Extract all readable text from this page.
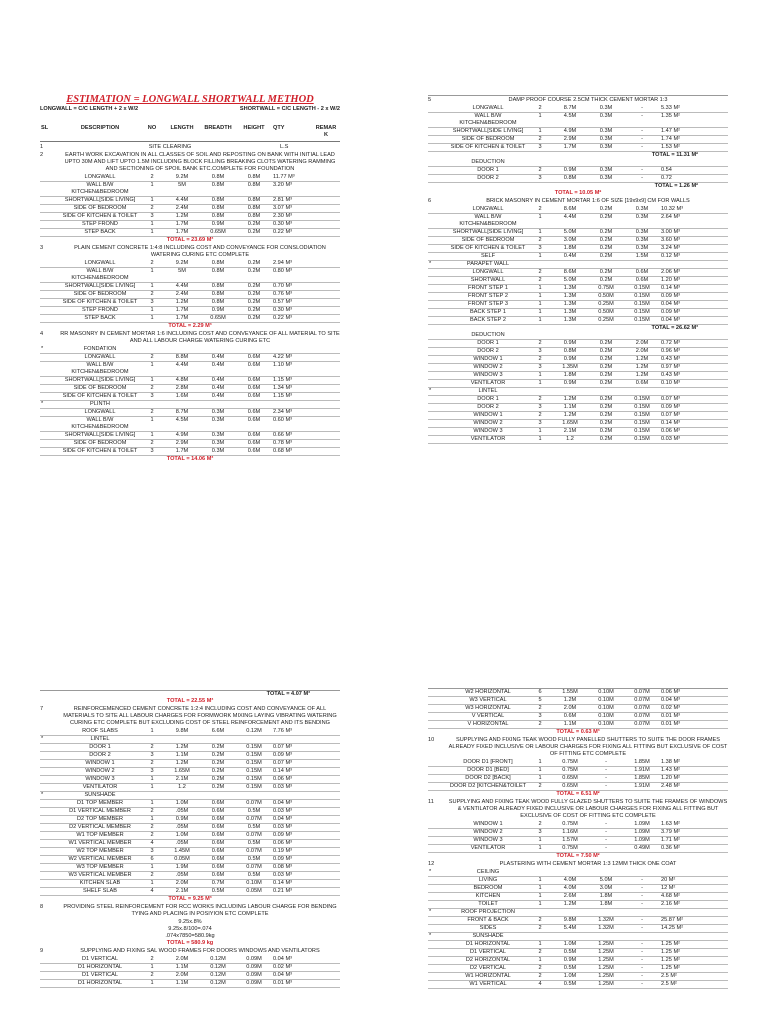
ESTIMATION = LONGWALL SHORTWALL METHOD
LONGWALL = C/C LENGTH + 2 x W/2	SHORTWALL = C/C LENGTH - 2 x W/2
SL	DESCRIPTION	NO	LENGTH	BREADTH	HEIGHT	QTY	REMAR K
1	SITE CLEARING	L.S
2	EARTH WORK EXCAVATION IN ALL CLASSES OF SOIL AND REPOSTING ON BANK WITH INITIAL LEAD UPTO 30M AND LIFT UPTO 1.5M INCLUDING BLOCK FILLING BREAKING CLOTS WATERING RAMMING AND SECTIONING OF SPOIL BANK ETC.COMPLETE FOR FOUNDATION
LONGWALL	2	9.2M	0.8M	0.8M	11.77 M³
WALL B/W KITCHEN&BEDROOM
1	5M	0.8M	0.8M	3.20 M³
SHORTWALL[SIDE LIVING]	1	4.4M	0.8M	0.8M	2.81 M³
SIDE OF BEDROOM	2	2.4M	0.8M	0.8M	3.07 M³
SIDE OF KITCHEN & TOILET	3	1.2M	0.8M	0.8M	2.30 M³
STEP FROND	1	1.7M	0.9M	0.2M	0.30 M³
STEP BACK	1	1.7M	0.65M	0.2M	0.22 M³
TOTAL = 23.69 M³
3	PLAIN CEMENT CONCRETE 1:4:8 INCLUDING COST AND CONVEYANCE FOR CONSLODIATION WATERING CURING ETC COMPLETE
LONGWALL	2	9.2M	0.8M	0.2M	2.94 M³
WALL B/W KITCHEN&BEDROOM
1	5M	0.8M	0.2M	0.80 M³
SHORTWALL[SIDE LIVING]	1	4.4M	0.8M	0.2M	0.70 M³
SIDE OF BEDROOM	2	2.4M	0.8M	0.2M	0.76 M³
SIDE OF KITCHEN & TOILET	3	1.2M	0.8M	0.2M	0.57 M³
STEP FROND	1	1.7M	0.9M	0.2M	0.30 M³
STEP BACK	1	1.7M	0.65M	0.2M	0.22 M³
TOTAL = 2.29 M³
4	RR MASONRY IN CEMENT MORTAR 1:6 INCLUDING COST AND CONVEYANCE OF ALL MATERIAL TO SITE AND ALL LABOUR CHARGE WATERING CURING ETC
*	FONDATION
LONGWALL	2	8.8M	0.4M	0.6M	4.22 M³
WALL B/W KITCHEN&BEDROOM
1	4.4M	0.4M	0.6M	1.10 M³
SHORTWALL[SIDE LIVING]	1	4.8M	0.4M	0.6M	1.15 M³
SIDE OF BEDROOM	2	2.8M	0.4M	0.6M	1.34 M³
SIDE OF KITCHEN & TOILET	3	1.6M	0.4M	0.6M	1.15 M³
*	PLINTH
LONGWALL	2	8.7M	0.3M	0.6M	2.34 M³
WALL B/W KITCHEN&BEDROOM
1	4.5M	0.3M	0.6M	0.60 M³
SHORTWALL[SIDE LIVING]	1	4.9M	0.3M	0.6M	0.66 M³
SIDE OF BEDROOM	2	2.9M	0.3M	0.6M	0.78 M³
SIDE OF KITCHEN & TOILET	3	1.7M	0.3M	0.6M	0.68 M³
TOTAL = 14.06 M³
5	DAMP PROOF COURSE 2.5CM THICK CEMENT MORTAR 1:3
LONGWALL	2	8.7M	0.3M	-	5.33 M²
WALL B/W KITCHEN&BEDROOM
1	4.5M	0.3M	-	1.35 M²
SHORTWALL[SIDE LIVING]	1	4.9M	0.3M	-	1.47 M²
SIDE OF BEDROOM	2	2.9M	0.3M	-	1.74 M²
SIDE OF KITCHEN & TOILET	3	1.7M	0.3M	-	1.53 M²
TOTAL = 11.31 M²
DEDUCTION
DOOR 1	2	0.9M	0.3M	-	0.54
DOOR 2	3	0.8M	0.3M	-	0.72
TOTAL = 1.26 M²
TOTAL = 10.05 M²
6	BRICK MASONRY IN CEMENT MORTAR 1:6 OF SIZE [19x9x9] CM FOR WALLS
LONGWALL	2	8.6M	0.2M	0.3M	10.32 M³
WALL B/W KITCHEN&BEDROOM
1	4.4M	0.2M	0.3M	2.64 M³
SHORTWALL[SIDE LIVING]	1	5.0M	0.2M	0.3M	3.00 M³
SIDE OF BEDROOM	2	3.0M	0.2M	0.3M	3.60 M³
SIDE OF KITCHEN & TOILET	3	1.8M	0.2M	0.3M	3.24 M³
SELF	1	0.4M	0.2M	1.5M	0.12 M³
*	PARAPET WALL
LONGWALL	2	8.6M	0.2M	0.6M	2.06 M³
SHORTWALL	2	5.0M	0.2M	0.6M	1.20 M³
FRONT STEP 1	1	1.3M	0.75M	0.15M	0.14 M³
FRONT STEP 2	1	1.3M	0.50M	0.15M	0.09 M³
FRONT STEP 3	1	1.3M	0.25M	0.15M	0.04 M³
BACK STEP 1	1	1.3M	0.50M	0.15M	0.09 M³
BACK STEP 2	1	1.3M	0.25M	0.15M	0.04 M³
TOTAL = 26.62 M³
DEDUCTION
DOOR 1	2	0.9M	0.2M	2.0M	0.72 M³
DOOR 2	3	0.8M	0.2M	2.0M	0.96 M³
WINDOW 1	2	0.9M	0.2M	1.2M	0.43 M³
WINDOW 2	3	1.35M	0.2M	1.2M	0.97 M³
WINDOW 3	1	1.8M	0.2M	1.2M	0.43 M³
VENTILATOR	1	0.9M	0.2M	0.6M	0.10 M³
*	LINTEL
DOOR 1	2	1.2M	0.2M	0.15M	0.07 M³
DOOR 2	3	1.1M	0.2M	0.15M	0.09 M³
WINDOW 1	2	1.2M	0.2M	0.15M	0.07 M³
WINDOW 2	3	1.65M	0.2M	0.15M	0.14 M³
WINDOW 3	1	2.1M	0.2M	0.15M	0.06 M³
VENTILATOR	1	1.2	0.2M	0.15M	0.03 M³
TOTAL = 4.07 M³
TOTAL = 22.55 M³
7	REINFORCEMENCED CEMENT CONCRETE 1:2:4 INCLUDING COST AND CONVEYANCE OF ALL MATERIALS TO SITE ALL LABOUR CHARGES FOR FORMWORK MIXING LAYING VIBRATING WATERING CURING ETC COMPLETE BUT EXCLUDING COST OF STEEL REINFORCEMENT AND ITS BENDING
ROOF SLABS	1	9.8M	6.6M	0.12M	7.76 M³
*	LINTEL
DOOR 1	2	1.2M	0.2M	0.15M	0.07 M³
DOOR 2	3	1.1M	0.2M	0.15M	0.09 M³
WINDOW 1	2	1.2M	0.2M	0.15M	0.07 M³
WINDOW 2	3	1.65M	0.2M	0.15M	0.14 M³
WINDOW 3	1	2.1M	0.2M	0.15M	0.06 M³
VENTILATOR	1	1.2	0.2M	0.15M	0.03 M³
*	SUNSHADE
D1 TOP MEMBER	1	1.0M	0.6M	0.07M	0.04 M³
D1 VERTICAL MEMBER	2	.05M	0.6M	0.5M	0.03 M³
D2 TOP MEMBER	1	0.9M	0.6M	0.07M	0.04 M³
D2 VERTICAL MEMBER	2	.05M	0.6M	0.5M	0.03 M³
W1 TOP MEMBER	2	1.0M	0.6M	0.07M	0.09 M³
W1 VERTICAL MEMBER	4	.05M	0.6M	0.5M	0.06 M³
W2 TOP MEMBER	3	1.45M	0.6M	0.07M	0.19 M³
W2 VERTICAL MEMBER	6	0.05M	0.6M	0.5M	0.09 M³
W3 TOP MEMBER	1	1.9M	0.6M	0.07M	0.08 M³
W3 VERTICAL MEMBER	2	.05M	0.6M	0.5M	0.03 M³
KITCHEN SLAB	1	2.0M	0.7M	0.10M	0.14 M³
SHELF SLAB	4	2.1M	0.5M	0.05M	0.21 M³
TOTAL = 9.25 M³
8	PROVIDING STEEL REINFORCEMENT FOR RCC WORKS INCLUDING LABOUR CHARGE FOR BENDING TYING AND PLACING IN POSIYION ETC COMPLETE
9.25x.8%
9.25x.8/100=.074
.074x7850=580.9kg
TOTAL = 580.9 kg
9	SUPPLYING AND FIXING SAL WOOD FRAMES FOR DOORS WINDOWS AND VENTILATORS
D1 VERTICAL	2	2.0M	0.12M	0.09M	0.04 M³
D1 HORIZONTAL	1	1.1M	0.12M	0.09M	0.02 M³
D1 VERTICAL	2	2.0M	0.12M	0.09M	0.04 M³
D1 HORIZONTAL	1	1.1M	0.12M	0.09M	0.01 M³
W2 HORIZONTAL	6	1.55M	0.10M	0.07M	0.06 M³
W3 VERTICAL	5	1.2M	0.10M	0.07M	0.04 M³
W3 HORIZONTAL	2	2.0M	0.10M	0.07M	0.02 M³
V VERTICAL	3	0.6M	0.10M	0.07M	0.01 M³
V HORIZONTAL	2	1.1M	0.10M	0.07M	0.01 M³
TOTAL = 0.63 M³
10	SUPPLYING AND FIXING TEAK WOOD FULLY PANELLED SHUTTERS TO SUITE THE DOOR FRAMES ALREADY FIXED INCLUSIVE OR LABOUR CHARGES FOR FIXING ALL FITTING BUT EXCLUSIVE OF COST OF FITTING ETC COMPLETE
DOOR D1 [FRONT]	1	0.75M	-	1.85M	1.38 M²
DOOR D1 [BED]	1	0.75M	-	1.91M	1.43 M²
DOOR D2 [BACK]	1	0.65M	-	1.85M	1.20 M²
DOOR D2 [KITCHEN&TOILET	2	0.65M	-	1.91M	2.48 M²
TOTAL = 6.51 M²
11	SUPPLYING AND FIXING TEAK WOOD FULLY GLAZED SHUTTERS TO SUITE THE FRAMES OF WINDOWS & VENTILATOR ALREADY FIXED INCLUSIVE OR LABOUR CHARGES FOR FIXING ALL FITTING BUT EXCLUSIVE OF COST OF FITTING ETC COMPLETE
WINDOW 1	2	0.75M	-	1.09M	1.63 M²
WINDOW 2	3	1.16M	-	1.09M	3.79 M²
WINDOW 3	1	1.57M	-	1.09M	1.71 M²
VENTILATOR	1	0.75M	-	0.49M	0.36 M²
TOTAL = 7.50 M²
12	PLASTERING WITH CEMENT MORTAR 1:3 12MM THICK ONE COAT
*	CEILING
LIVING	1	4.0M	5.0M	-	20 M²
BEDROOM	1	4.0M	3.0M	-	12 M²
KITCHEN	1	2.6M	1.8M	-	4.68 M²
TOILET	1	1.2M	1.8M	-	2.16 M²
*	ROOF PROJECTION
FRONT & BACK	2	9.8M	1.32M	-	25.87 M²
SIDES	2	5.4M	1.32M	-	14.25 M²
*	SUNSHADE
D1 HORIZONTAL	1	1.0M	1.25M	-	1.25 M²
D1 VERTICAL	2	0.5M	1.25M	-	1.25 M²
D2 HORIZONTAL	1	0.9M	1.25M	-	1.25 M²
D2 VERTICAL	2	0.5M	1.25M	-	1.25 M²
W1 HORIZONTAL	2	1.0M	1.25M	-	2.5 M²
W1 VERTICAL	4	0.5M	1.25M	-	2.5 M²
